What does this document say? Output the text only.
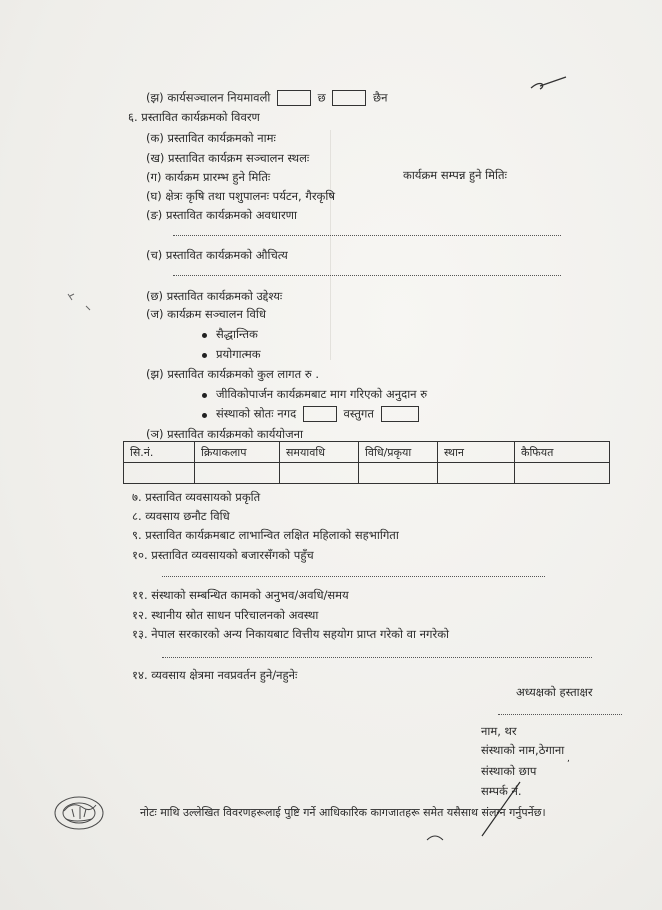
(झ) कार्यसञ्चालन नियमावली	छ	छैन
६. प्रस्तावित कार्यक्रमको विवरण
(क) प्रस्तावित कार्यक्रमको नामः
(ख) प्रस्तावित कार्यक्रम सञ्चालन स्थलः
(ग) कार्यक्रम प्रारम्भ हुने मितिः	कार्यक्रम सम्पन्न हुने मितिः
(घ) क्षेत्रः कृषि तथा पशुपालनः पर्यटन, गैरकृषि
(ङ) प्रस्तावित कार्यक्रमको अवधारणा
(च) प्रस्तावित कार्यक्रमको औचित्य
(छ) प्रस्तावित कार्यक्रमको उद्देश्यः
(ज) कार्यक्रम सञ्चालन विधि
सैद्धान्तिक
प्रयोगात्मक
(झ) प्रस्तावित कार्यक्रमको कुल लागत रु .
जीविकोपार्जन कार्यक्रमबाट माग गरिएको अनुदान रु
संस्थाको स्रोतः नगद	वस्तुगत
(ञ) प्रस्तावित कार्यक्रमको कार्ययोजना
सि.नं.	क्रियाकलाप	समयावधि	विधि/प्रकृया	स्थान	कैफियत

७. प्रस्तावित व्यवसायको प्रकृति
८. व्यवसाय छनौट विधि
९. प्रस्तावित कार्यक्रमबाट लाभान्वित लक्षित महिलाको सहभागिता
१०. प्रस्तावित व्यवसायको बजारसँगको पहुँच
११. संस्थाको सम्बन्धित कामको अनुभव/अवधि/समय
१२. स्थानीय स्रोत साधन परिचालनको अवस्था
१३. नेपाल सरकारको अन्य निकायबाट वित्तीय सहयोग प्राप्त गरेको वा नगरेको
१४. व्यवसाय क्षेत्रमा नवप्रवर्तन हुने/नहुनेः
अध्यक्षको हस्ताक्षर
नाम, थर
संस्थाको नाम,ठेगाना
संस्थाको छाप
सम्पर्क नं.
,
नोटः माथि उल्लेखित विवरणहरूलाई पुष्टि गर्ने आधिकारिक कागजातहरू समेत यसैसाथ संलग्न गर्नुपर्नेछ।
